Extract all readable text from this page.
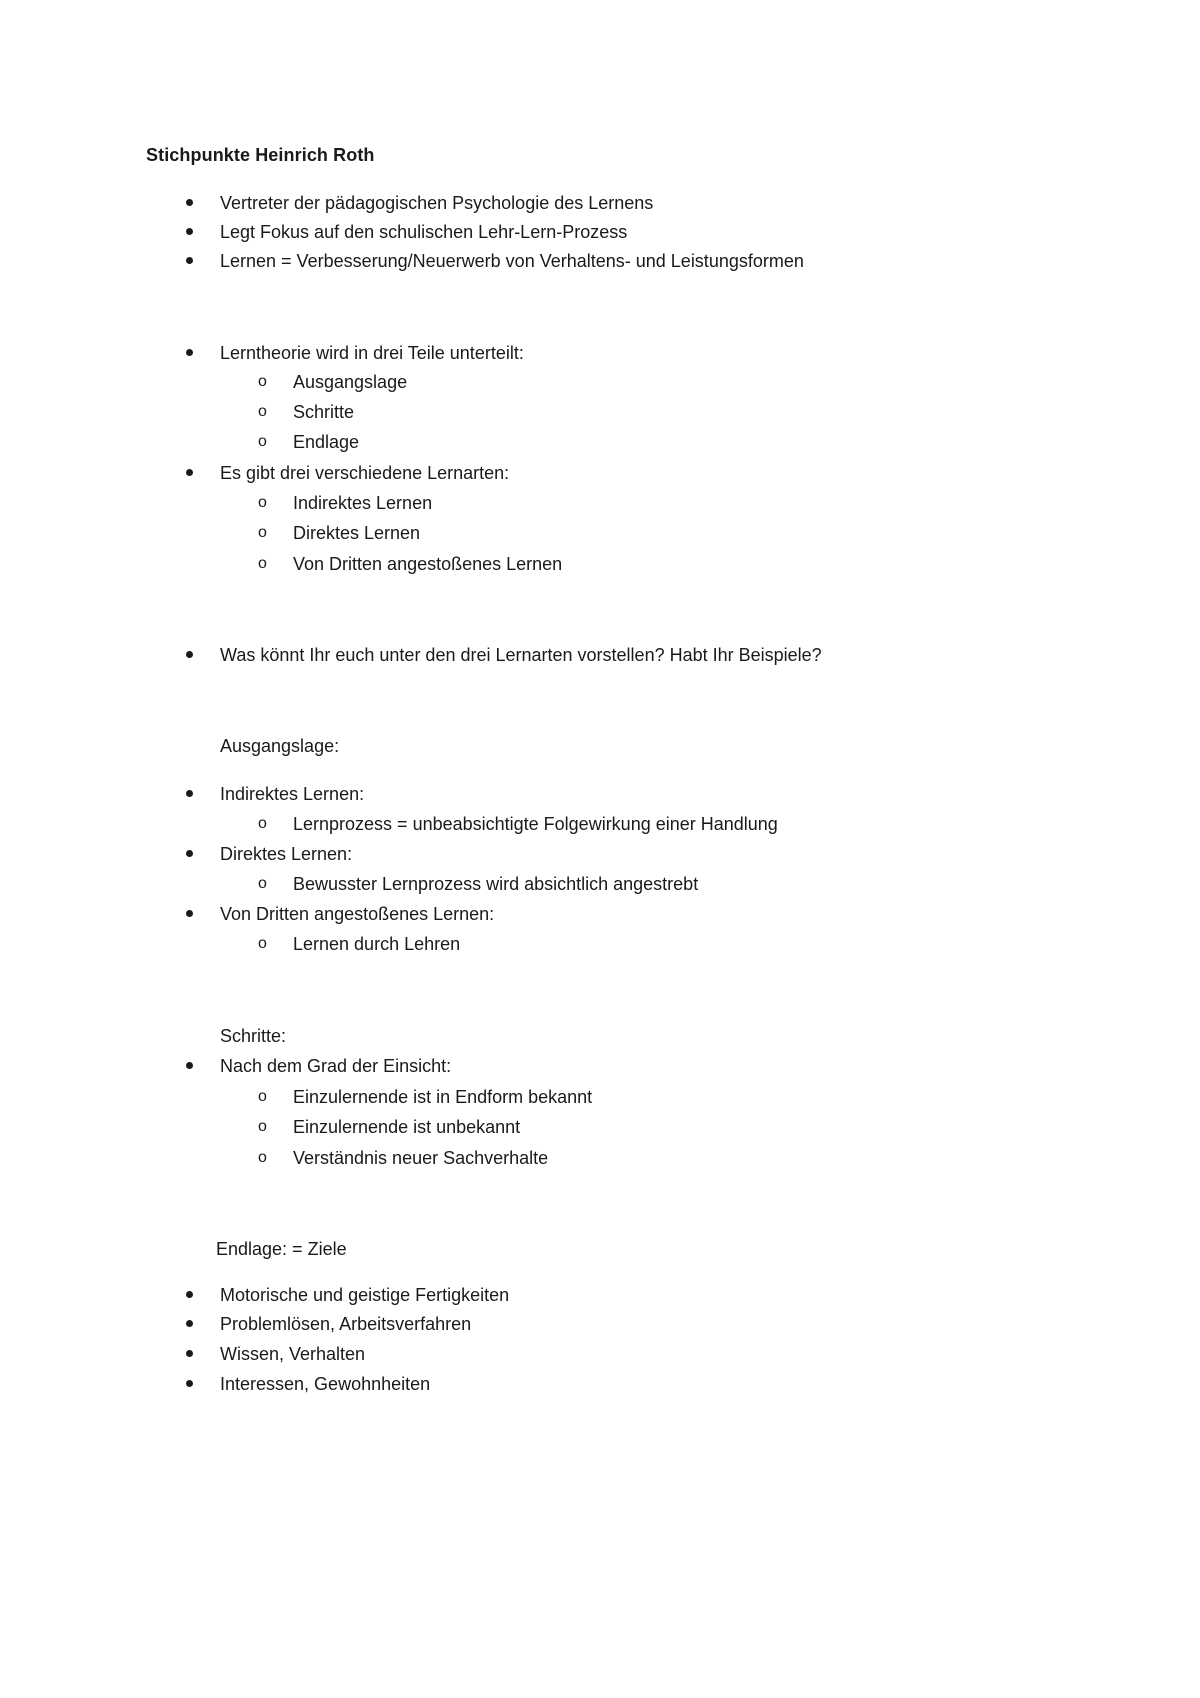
Stichpunkte Heinrich Roth
Vertreter der pädagogischen Psychologie des Lernens
Legt Fokus auf den schulischen Lehr-Lern-Prozess
Lernen = Verbesserung/Neuerwerb von Verhaltens- und Leistungsformen
Lerntheorie wird in drei Teile unterteilt:
o Ausgangslage
o Schritte
o Endlage
Es gibt drei verschiedene Lernarten:
o Indirektes Lernen
o Direktes Lernen
o Von Dritten angestoßenes Lernen
Was könnt Ihr euch unter den drei Lernarten vorstellen? Habt Ihr Beispiele?
Ausgangslage:
Indirektes Lernen:
o Lernprozess = unbeabsichtigte Folgewirkung einer Handlung
Direktes Lernen:
o Bewusster Lernprozess wird absichtlich angestrebt
Von Dritten angestoßenes Lernen:
o Lernen durch Lehren
Schritte:
Nach dem Grad der Einsicht:
o Einzulernende ist in Endform bekannt
o Einzulernende ist unbekannt
o Verständnis neuer Sachverhalte
Endlage: = Ziele
Motorische und geistige Fertigkeiten
Problemlösen, Arbeitsverfahren
Wissen, Verhalten
Interessen, Gewohnheiten
